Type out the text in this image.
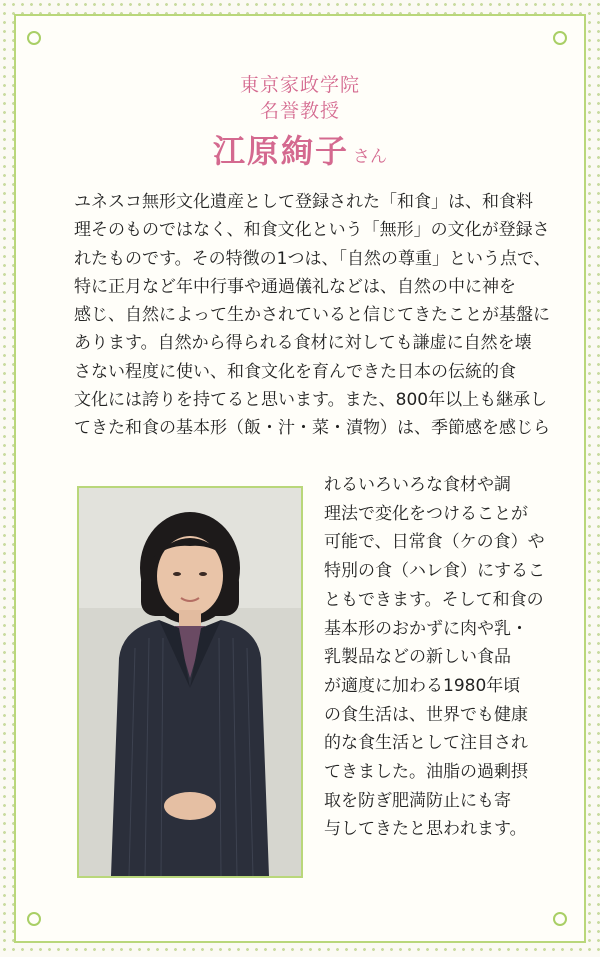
東京家政学院
名誉教授
江原絢子 さん
ユネスコ無形文化遺産として登録された「和食」は、和食料
理そのものではなく、和食文化という「無形」の文化が登録さ
れたものです。その特徴の1つは、「自然の尊重」という点で、
特に正月など年中行事や通過儀礼などは、自然の中に神を
感じ、自然によって生かされていると信じてきたことが基盤に
あります。自然から得られる食材に対しても謙虚に自然を壊
さない程度に使い、和食文化を育んできた日本の伝統的食
文化には誇りを持てると思います。また、800年以上も継承し
てきた和食の基本形（飯・汁・菜・漬物）は、季節感を感じら
れるいろいろな食材や調
理法で変化をつけることが
可能で、日常食（ケの食）や
特別の食（ハレ食）にするこ
ともできます。そして和食の
基本形のおかずに肉や乳・
乳製品などの新しい食品
が適度に加わる1980年頃
の食生活は、世界でも健康
的な食生活として注目され
てきました。油脂の過剰摂
取を防ぎ肥満防止にも寄
与してきたと思われます。
